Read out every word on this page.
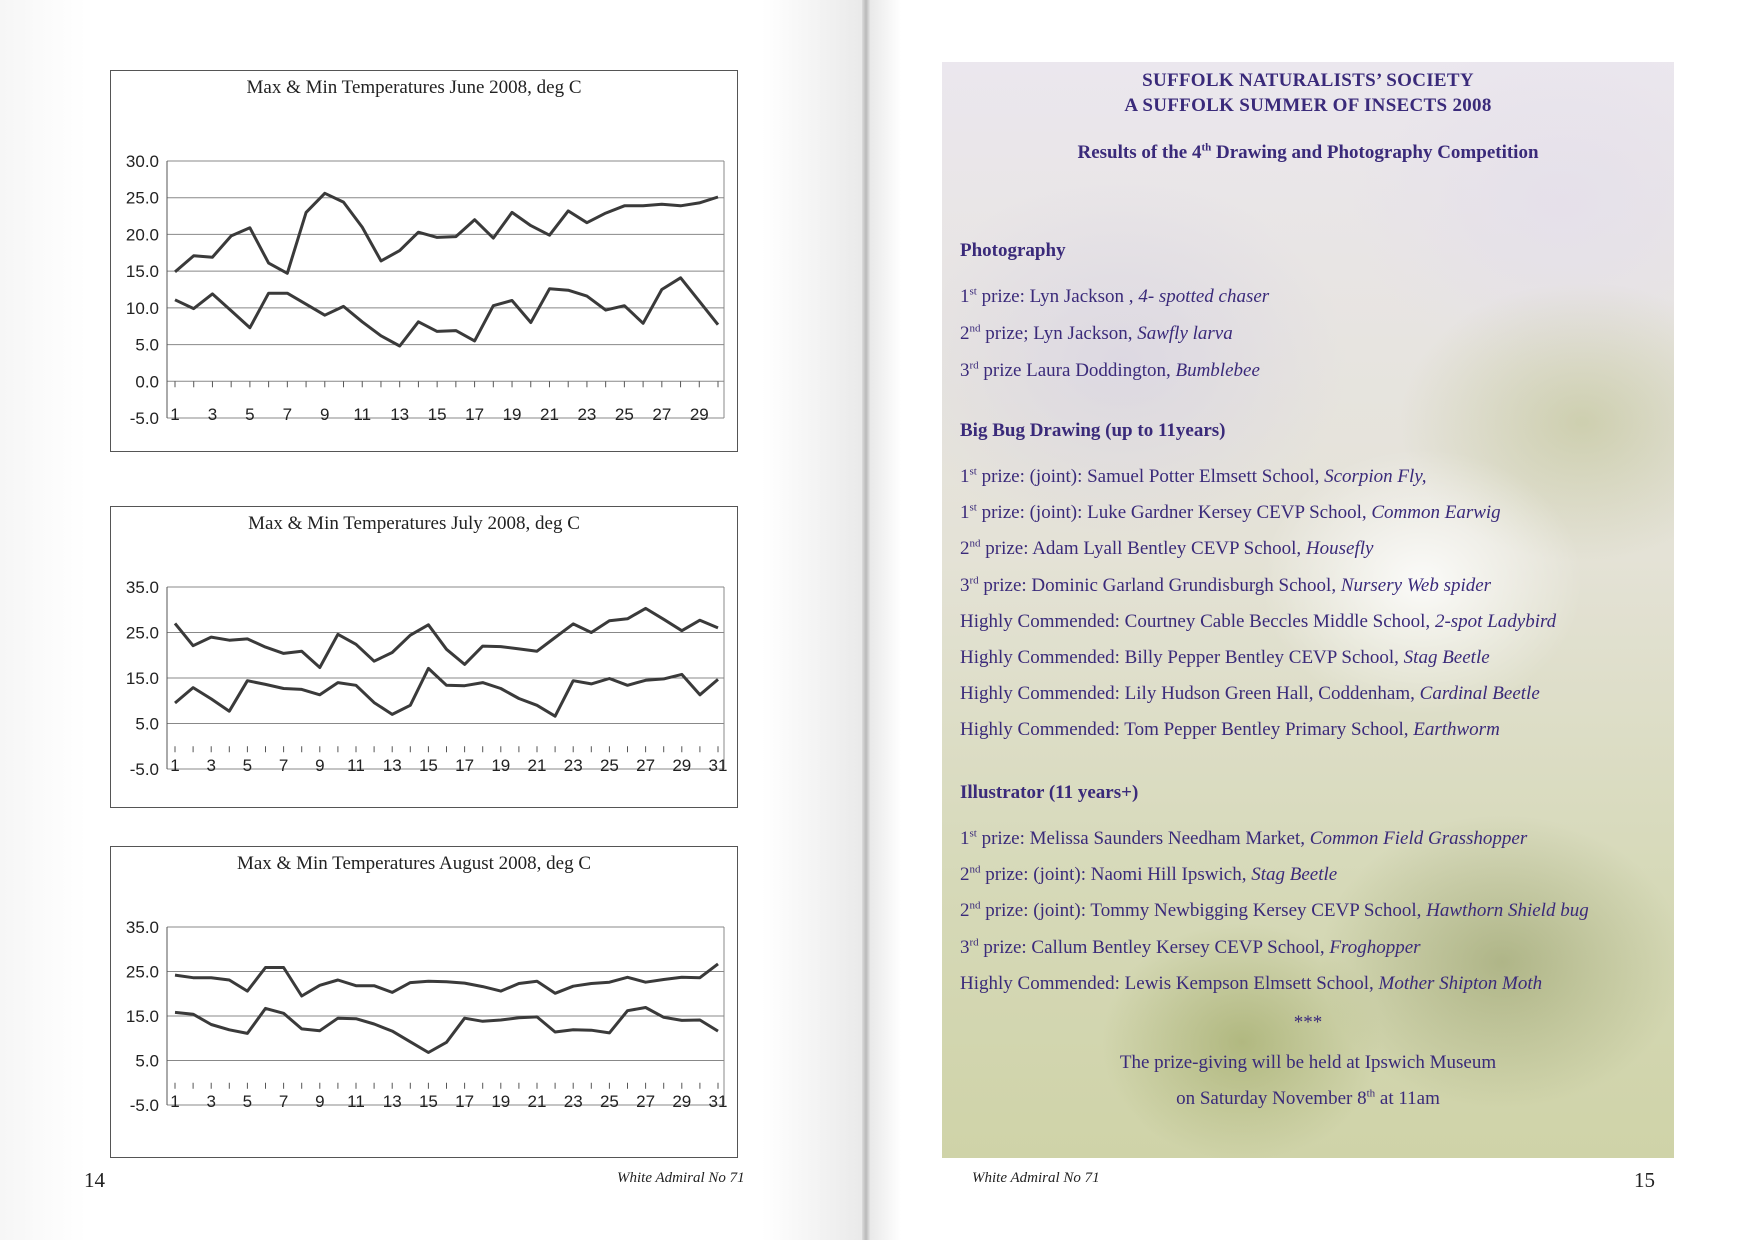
Max & Min Temperatures June 2008, deg C
30.0
25.0
20.0
15.0
10.0
5.0
0.0
-5.0 1 3 5 7 9 11 13 15 17 19 21 23 25 27 29
Max & Min Temperatures July 2008, deg C
35.0
25.0
15.0
5.0
-5.0 1 3 5 7 9 11 13 15 17 19 21 23 25 27 29 31
Max & Min Temperatures August 2008, deg C
35.0
25.0
15.0
5.0
-5.0 1 3 5 7 9 11 13 15 17 19 21 23 25 27 29 31
14	White Admiral No 71
SUFFOLK NATURALISTS’ SOCIETY
A SUFFOLK SUMMER OF INSECTS 2008
Results of the 4th Drawing and Photography Competition
Photography
1st prize: Lyn Jackson , 4- spotted chaser
2nd prize; Lyn Jackson, Sawfly larva
3rd prize Laura Doddington, Bumblebee
Big Bug Drawing (up to 11years)
1st prize: (joint): Samuel Potter Elmsett School, Scorpion Fly,
1st prize: (joint): Luke Gardner Kersey CEVP School, Common Earwig
2nd prize: Adam Lyall Bentley CEVP School, Housefly
3rd prize: Dominic Garland Grundisburgh School, Nursery Web spider
Highly Commended: Courtney Cable Beccles Middle School, 2-spot Ladybird
Highly Commended: Billy Pepper Bentley CEVP School, Stag Beetle
Highly Commended: Lily Hudson Green Hall, Coddenham, Cardinal Beetle
Highly Commended: Tom Pepper Bentley Primary School, Earthworm
Illustrator (11 years+)
1st prize: Melissa Saunders Needham Market, Common Field Grasshopper
2nd prize: (joint): Naomi Hill Ipswich, Stag Beetle
2nd prize: (joint): Tommy Newbigging Kersey CEVP School, Hawthorn Shield bug
3rd prize: Callum Bentley Kersey CEVP School, Froghopper
Highly Commended: Lewis Kempson Elmsett School, Mother Shipton Moth
***
The prize-giving will be held at Ipswich Museum
on Saturday November 8th at 11am
White Admiral No 71	15
